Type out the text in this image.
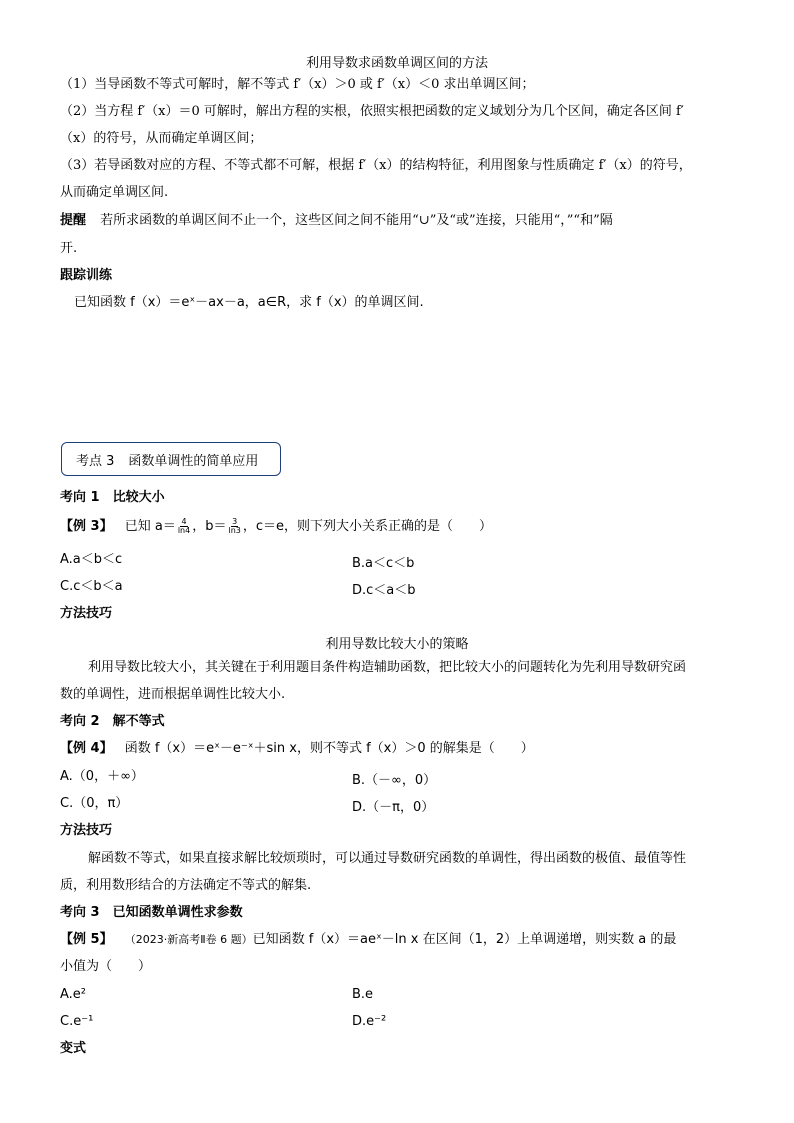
利用导数求函数单调区间的方法
（1）当导函数不等式可解时，解不等式 f′（x）＞0 或 f′（x）＜0 求出单调区间；
（2）当方程 f′（x）＝0 可解时，解出方程的实根，依照实根把函数的定义域划分为几个区间，确定各区间 f′
（x）的符号，从而确定单调区间；
（3）若导函数对应的方程、不等式都不可解，根据 f′（x）的结构特征，利用图象与性质确定 f′（x）的符号，
从而确定单调区间.
提醒 若所求函数的单调区间不止一个，这些区间之间不能用“∪”及“或”连接，只能用“，”“和”隔
开.
跟踪训练
已知函数 f（x）＝eˣ－ax－a，a∈R，求 f（x）的单调区间.
考点 3 函数单调性的简单应用
考向 1　比较大小
【例 3】 已知 $a= \frac{4}{\ln 4}$ ，$b= \frac{3}{\ln 3}$ ，c＝e，则下列大小关系正确的是（　　）
A.a＜b＜c	B.a＜c＜b
C.c＜b＜a	D.c＜a＜b
方法技巧
利用导数比较大小的策略
利用导数比较大小，其关键在于利用题目条件构造辅助函数，把比较大小的问题转化为先利用导数研究函
数的单调性，进而根据单调性比较大小.
考向 2　解不等式
【例 4】 函数 f（x）＝eˣ－e⁻ˣ＋sin x，则不等式 f（x）＞0 的解集是（　　）
A.（0，＋∞）	B.（－∞，0）
C.（0，π）	D.（－π，0）
方法技巧
解函数不等式，如果直接求解比较烦琐时，可以通过导数研究函数的单调性，得出函数的极值、最值等性
质，利用数形结合的方法确定不等式的解集.
考向 3　已知函数单调性求参数
【例 5】 （2023·新高考Ⅱ卷 6 题）已知函数 f（x）＝aeˣ－ln x 在区间（1，2）上单调递增，则实数 a 的最
小值为（　　）
A.e²	B.e
C.e⁻¹	D.e⁻²
变式
